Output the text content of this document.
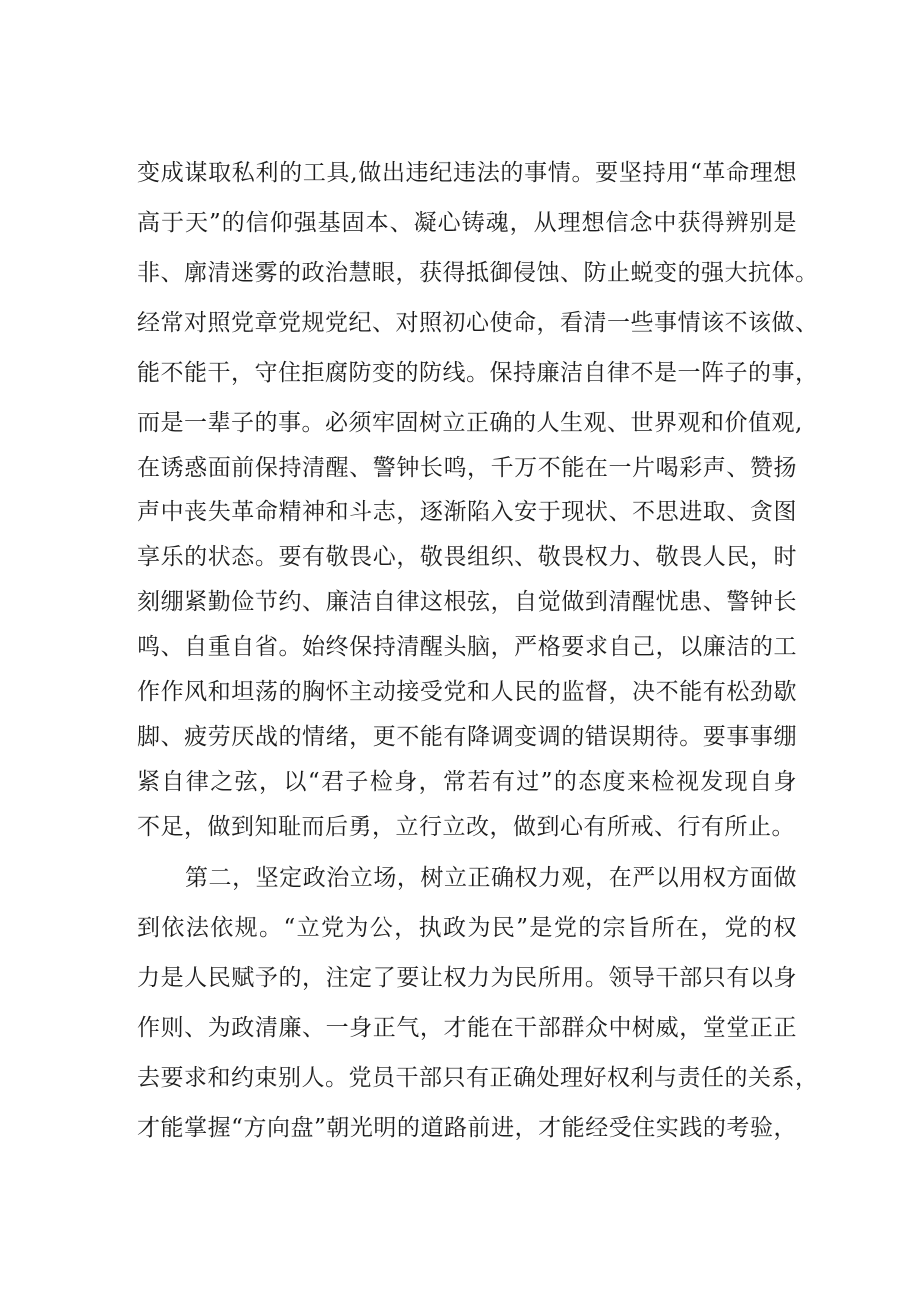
变成谋取私利的工具,做出违纪违法的事情。要坚持用“革命理想
高于天”的信仰强基固本、凝心铸魂，从理想信念中获得辨别是
非、廓清迷雾的政治慧眼，获得抵御侵蚀、防止蜕变的强大抗体。
经常对照党章党规党纪、对照初心使命，看清一些事情该不该做、
能不能干，守住拒腐防变的防线。保持廉洁自律不是一阵子的事，
而是一辈子的事。必须牢固树立正确的人生观、世界观和价值观,
在诱惑面前保持清醒、警钟长鸣，千万不能在一片喝彩声、赞扬
声中丧失革命精神和斗志，逐渐陷入安于现状、不思进取、贪图
享乐的状态。要有敬畏心，敬畏组织、敬畏权力、敬畏人民，时
刻绷紧勤俭节约、廉洁自律这根弦，自觉做到清醒忧患、警钟长
鸣、自重自省。始终保持清醒头脑，严格要求自己，以廉洁的工
作作风和坦荡的胸怀主动接受党和人民的监督，决不能有松劲歇
脚、疲劳厌战的情绪，更不能有降调变调的错误期待。要事事绷
紧自律之弦，以“君子检身，常若有过”的态度来检视发现自身
不足，做到知耻而后勇，立行立改，做到心有所戒、行有所止。
第二，坚定政治立场，树立正确权力观，在严以用权方面做
到依法依规。“立党为公，执政为民”是党的宗旨所在，党的权
力是人民赋予的，注定了要让权力为民所用。领导干部只有以身
作则、为政清廉、一身正气，才能在干部群众中树威，堂堂正正
去要求和约束别人。党员干部只有正确处理好权利与责任的关系，
才能掌握“方向盘”朝光明的道路前进，才能经受住实践的考验，
